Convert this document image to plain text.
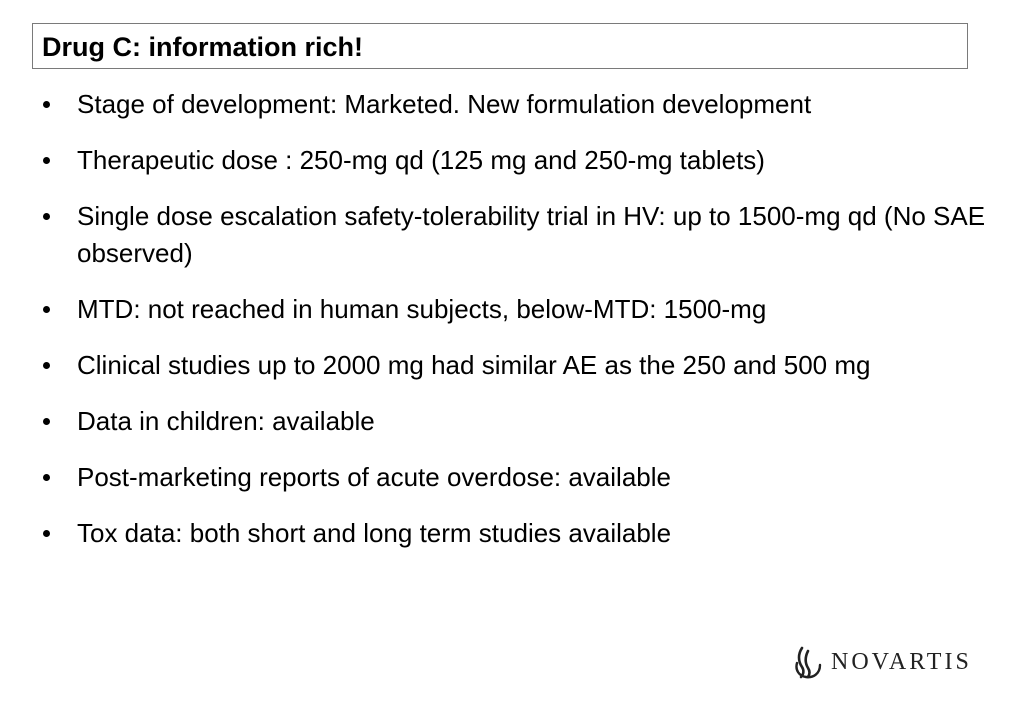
Drug C: information rich!
Stage of development: Marketed. New formulation development
Therapeutic dose : 250-mg qd (125 mg and 250-mg tablets)
Single dose escalation safety-tolerability trial in HV: up to 1500-mg qd (No SAE observed)
MTD: not reached in human subjects, below-MTD: 1500-mg
Clinical studies up to 2000 mg had similar AE as the 250 and 500 mg
Data in children: available
Post-marketing reports of acute overdose: available
Tox data: both short and long term studies available
NOVARTIS
